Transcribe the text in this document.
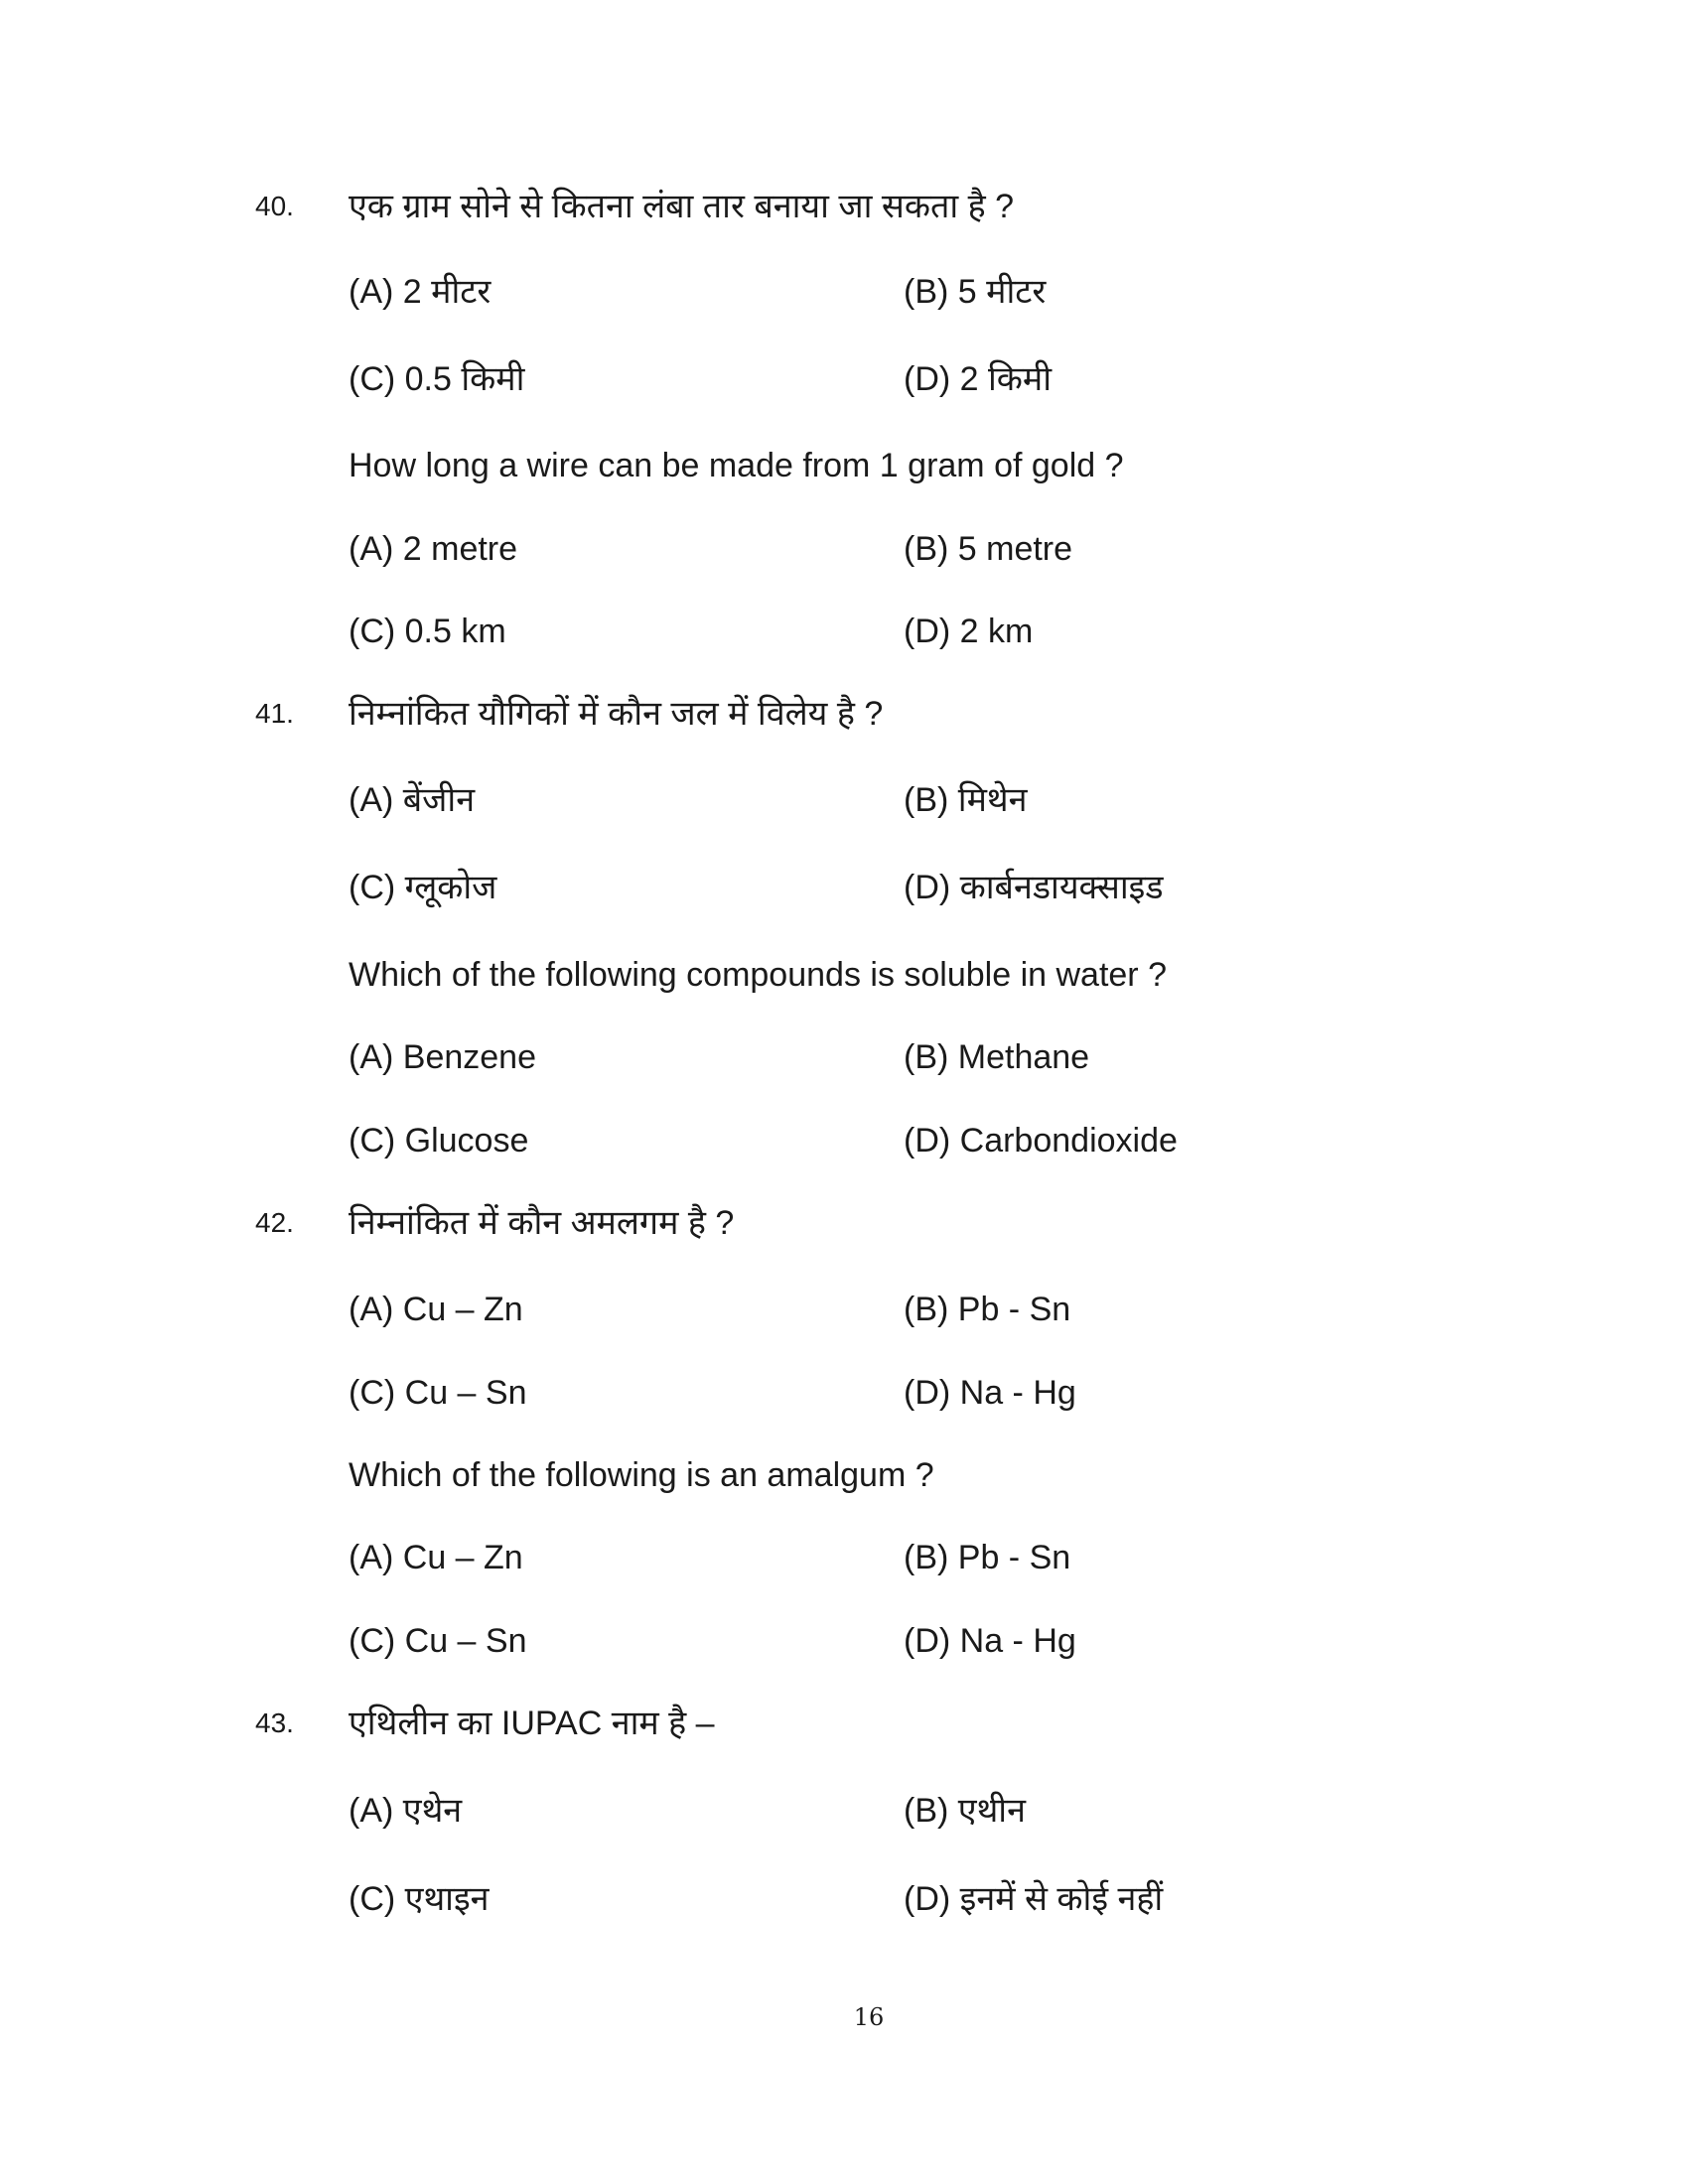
40. एक ग्राम सोने से कितना लंबा तार बनाया जा सकता है ?
(A) 2 मीटर	(B) 5 मीटर
(C) 0.5 किमी	(D) 2 किमी
How long a wire can be made from 1 gram of gold ?
(A) 2 metre	(B) 5 metre
(C) 0.5 km	(D) 2 km
41. निम्नांकित यौगिकों में कौन जल में विलेय है ?
(A) बेंजीन	(B) मिथेन
(C) ग्लूकोज	(D) कार्बनडायक्साइड
Which of the following compounds is soluble in water ?
(A) Benzene	(B) Methane
(C) Glucose	(D) Carbondioxide
42. निम्नांकित में कौन अमलगम है ?
(A) Cu – Zn	(B) Pb - Sn
(C) Cu – Sn	(D) Na - Hg
Which of the following is an amalgum ?
(A) Cu – Zn	(B) Pb - Sn
(C) Cu – Sn	(D) Na - Hg
43. एथिलीन का IUPAC नाम है –
(A) एथेन	(B) एथीन
(C) एथाइन	(D) इनमें से कोई नहीं
16
